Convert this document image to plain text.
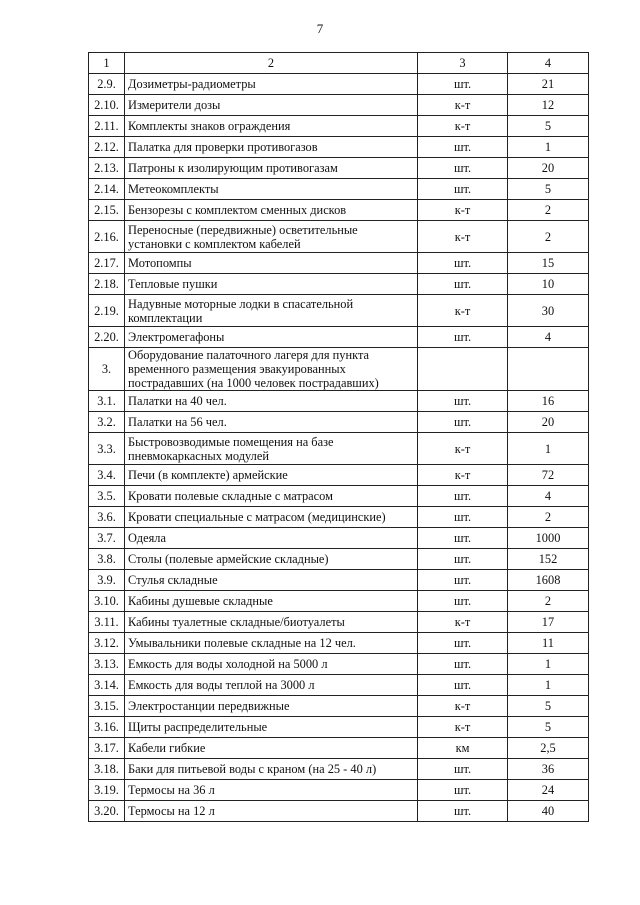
7
1	2	3	4
2.9.	Дозиметры-радиометры	шт.	21
2.10.	Измерители дозы	к-т	12
2.11.	Комплекты знаков ограждения	к-т	5
2.12.	Палатка для проверки противогазов	шт.	1
2.13.	Патроны к изолирующим противогазам	шт.	20
2.14.	Метеокомплекты	шт.	5
2.15.	Бензорезы с комплектом сменных дисков	к-т	2
2.16.	Переносные (передвижные) осветительные установки с комплектом кабелей	к-т	2
2.17.	Мотопомпы	шт.	15
2.18.	Тепловые пушки	шт.	10
2.19.	Надувные моторные лодки в спасательной комплектации	к-т	30
2.20.	Электромегафоны	шт.	4
3.	Оборудование палаточного лагеря для пункта временного размещения эвакуированных пострадавших (на 1000 человек пострадавших)		
3.1.	Палатки на 40 чел.	шт.	16
3.2.	Палатки на 56 чел.	шт.	20
3.3.	Быстровозводимые помещения на базе пневмокаркасных модулей	к-т	1
3.4.	Печи (в комплекте) армейские	к-т	72
3.5.	Кровати полевые складные с матрасом	шт.	4
3.6.	Кровати специальные с матрасом (медицинские)	шт.	2
3.7.	Одеяла	шт.	1000
3.8.	Столы (полевые армейские складные)	шт.	152
3.9.	Стулья складные	шт.	1608
3.10.	Кабины душевые складные	шт.	2
3.11.	Кабины туалетные складные/биотуалеты	к-т	17
3.12.	Умывальники полевые складные на 12 чел.	шт.	11
3.13.	Емкость для воды холодной на 5000 л	шт.	1
3.14.	Емкость для воды теплой на 3000 л	шт.	1
3.15.	Электростанции передвижные	к-т	5
3.16.	Щиты распределительные	к-т	5
3.17.	Кабели гибкие	км	2,5
3.18.	Баки для питьевой воды с краном (на 25 - 40 л)	шт.	36
3.19.	Термосы на 36 л	шт.	24
3.20.	Термосы на 12 л	шт.	40
